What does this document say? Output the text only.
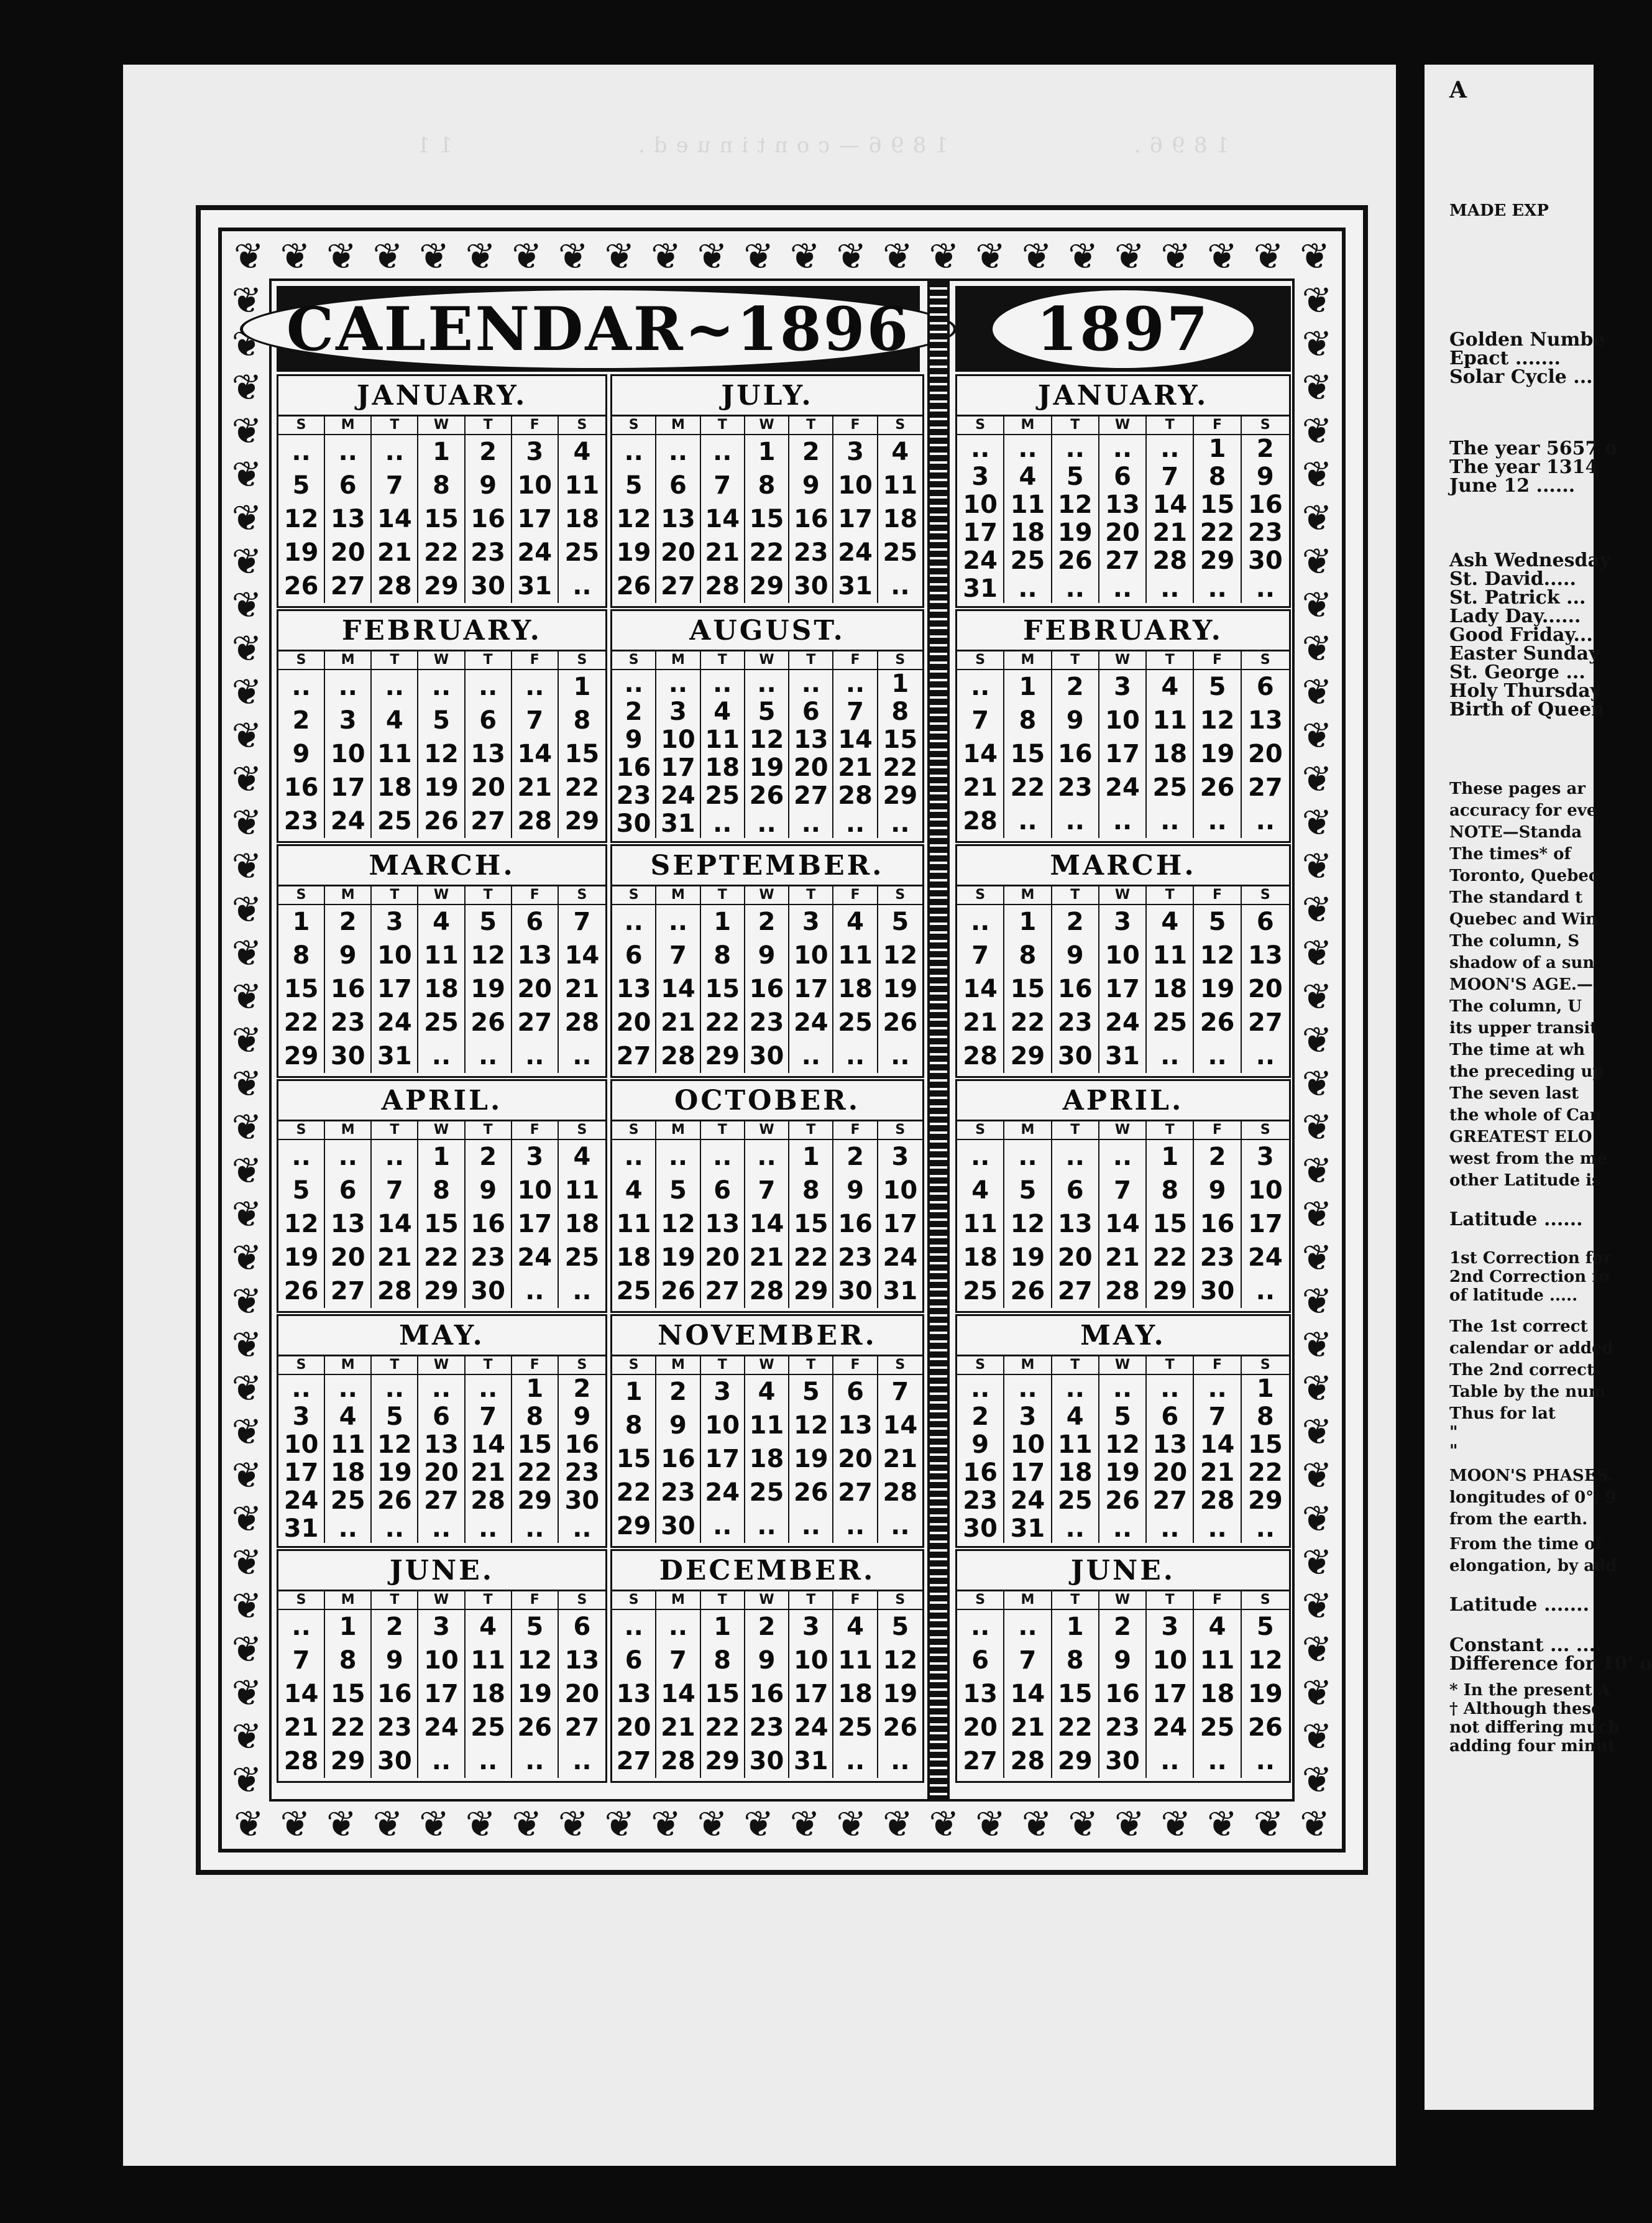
1896. 1896—continued. 11
❦ ❦ ❦ ❦ ❦ ❦ ❦ ❦ ❦ ❦ ❦ ❦ ❦ ❦ ❦ ❦ ❦ ❦ ❦ ❦ ❦ ❦ ❦ ❦
❦ ❦ ❦ ❦ ❦ ❦ ❦ ❦ ❦ ❦ ❦ ❦ ❦ ❦ ❦ ❦ ❦ ❦ ❦ ❦ ❦ ❦ ❦ ❦
❦
❦
❦
❦
❦
❦
❦
❦
❦
❦
❦
❦
❦
❦
❦
❦
❦
❦
❦
❦
❦
❦
❦
❦
❦
❦
❦
❦
❦
❦
❦
❦
❦
❦
❦
❦
❦
❦
❦
❦
❦
❦
❦
❦
❦
❦
❦
❦
❦
❦
❦
❦
❦
❦
❦
❦
❦
❦
❦
❦
❦
❦
❦
❦
❦
❦
❦
❦
❦
❦
CALENDAR~1896	1897
JANUARY.
S	M	T	W	T	F	S
..	..	..	1	2	3	4
5	6	7	8	9 10 11
12 13 14 15 16 17 18
19 20 21 22 23 24 25
26 27 28 29 30 31 ..
JULY.
S	M	T	W	T	F	S
..	..	..	1	2	3	4
5	6	7	8	9 10 11
12 13 14 15 16 17 18
19 20 21 22 23 24 25
26 27 28 29 30 31 ..
JANUARY.
S	M	T	W	T	F	S
..	..	..	..	..	1	2
3	4	5	6	7	8	9
10 11 12 13 14 15 16
17 18 19 20 21 22 23
24 25 26 27 28 29 30
31 ..	..	..	..	..	..
FEBRUARY.
S	M	T	W	T	F	S
..	..	..	..	..	..	1
2	3	4	5	6	7	8
9 10 11 12 13 14 15
16 17 18 19 20 21 22
23 24 25 26 27 28 29
AUGUST.
S	M	T	W	T	F	S
..	..	..	..	..	..	1
2	3	4	5	6	7	8
9 10 11 12 13 14 15
16 17 18 19 20 21 22
23 24 25 26 27 28 29
30 31 ..	..	..	..	..
FEBRUARY.
S	M	T	W	T	F	S
..	1	2	3	4	5	6
7	8	9 10 11 12 13
14 15 16 17 18 19 20
21 22 23 24 25 26 27
28 ..	..	..	..	..	..
MARCH.
S	M	T	W	T	F	S
1	2	3	4	5	6	7
8	9 10 11 12 13 14
15 16 17 18 19 20 21
22 23 24 25 26 27 28
29 30 31 ..	..	..	..
SEPTEMBER.
S	M	T	W	T	F	S
..	..	1	2	3	4	5
6	7	8	9 10 11 12
13 14 15 16 17 18 19
20 21 22 23 24 25 26
27 28 29 30 ..	..	..
MARCH.
S	M	T	W	T	F	S
..	1	2	3	4	5	6
7	8	9 10 11 12 13
14 15 16 17 18 19 20
21 22 23 24 25 26 27
28 29 30 31 ..	..	..
APRIL.
S	M	T	W	T	F	S
..	..	..	1	2	3	4
5	6	7	8	9 10 11
12 13 14 15 16 17 18
19 20 21 22 23 24 25
26 27 28 29 30 ..	..
OCTOBER.
S	M	T	W	T	F	S
..	..	..	..	1	2	3
4	5	6	7	8	9 10
11 12 13 14 15 16 17
18 19 20 21 22 23 24
25 26 27 28 29 30 31
APRIL.
S	M	T	W	T	F	S
..	..	..	..	1	2	3
4	5	6	7	8	9 10
11 12 13 14 15 16 17
18 19 20 21 22 23 24
25 26 27 28 29 30 ..
MAY.
S	M	T	W	T	F	S
..	..	..	..	..	1	2
3	4	5	6	7	8	9
10 11 12 13 14 15 16
17 18 19 20 21 22 23
24 25 26 27 28 29 30
31 ..	..	..	..	..	..
NOVEMBER.
S	M	T	W	T	F	S
1	2	3	4	5	6	7
8	9 10 11 12 13 14
15 16 17 18 19 20 21
22 23 24 25 26 27 28
29 30 ..	..	..	..	..
MAY.
S	M	T	W	T	F	S
..	..	..	..	..	..	1
2	3	4	5	6	7	8
9 10 11 12 13 14 15
16 17 18 19 20 21 22
23 24 25 26 27 28 29
30 31 ..	..	..	..	..
JUNE.
S	M	T	W	T	F	S
..	1	2	3	4	5	6
7	8	9 10 11 12 13
14 15 16 17 18 19 20
21 22 23 24 25 26 27
28 29 30 ..	..	..	..
DECEMBER.
S	M	T	W	T	F	S
..	..	1	2	3	4	5
6	7	8	9 10 11 12
13 14 15 16 17 18 19
20 21 22 23 24 25 26
27 28 29 30 31 ..	..
JUNE.
S	M	T	W	T	F	S
..	..	1	2	3	4	5
6	7	8	9 10 11 12
13 14 15 16 17 18 19
20 21 22 23 24 25 26
27 28 29 30 ..	..	..
A
MADE EXP
Golden Numbe
Epact .......
Solar Cycle ...
The year 5657 o
The year 1314
June 12 ......
Ash Wednesday
St. David.....
St. Patrick ...
Lady Day......
Good Friday...
Easter Sunday
St. George ...
Holy Thursday
Birth of Queen
These pages ar
accuracy for eve
NOTE—Standa
The times* of
Toronto, Quebec
The standard t
Quebec and Win
The column, S
shadow of a sun
MOON'S AGE.—
The column, U
its upper transit
The time at wh
the preceding up
The seven last
the whole of Can
GREATEST ELO
west from the me
other Latitude is
Latitude ......
1st Correction for
2nd Correction fo
of latitude .....
The 1st correct
calendar or added
The 2nd correct
Table by the num
Thus for lat
"
"
MOON'S PHASES.
longitudes of 0°, 9
from the earth.
From the time of
elongation, by add
Latitude .......
Constant ... ....
Difference for 10' o
* In the present A
† Although these
not differing much
adding four minut
